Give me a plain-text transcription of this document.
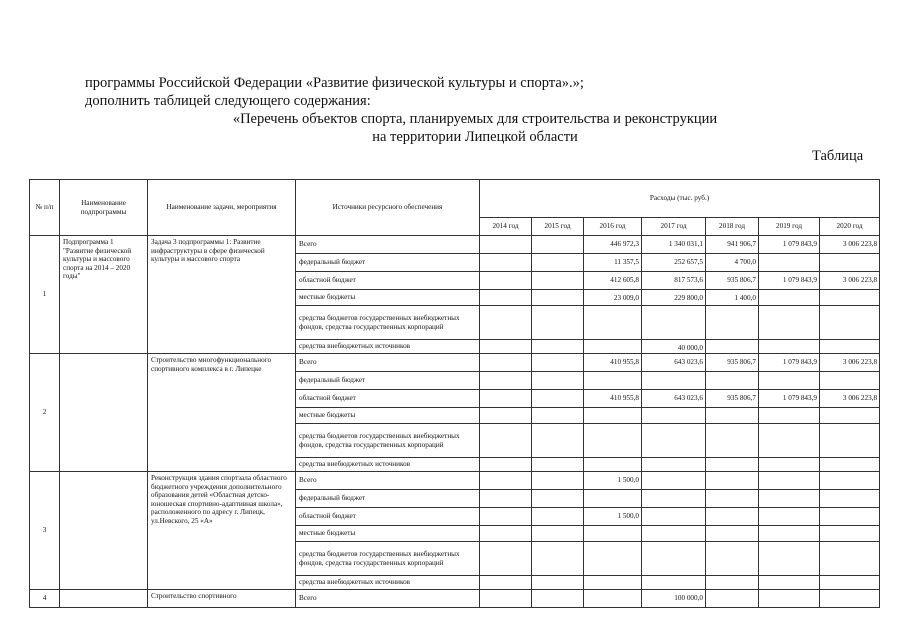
программы Российской Федерации «Развитие физической культуры и спорта».»;
дополнить таблицей следующего содержания:
«Перечень объектов спорта, планируемых для строительства и реконструкции
на территории Липецкой области
Таблица
№ п/п	Наименование подпрограммы	Наименование задачи, мероприятия	Источники ресурсного обеспечения	Расходы (тыс. руб.)						
				2014 год	2015 год	2016 год	2017 год	2018 год	2019 год	2020 год
1	Подпрограмма 1 "Развитие физической культуры и массового спорта на 2014 – 2020 годы"	Задача 3 подпрограммы 1: Развитие инфраструктуры в сфере физической культуры и массового спорта	Всего			446 972,3	1 340 031,1	941 906,7	1 079 843,9	3 006 223,8
			федеральный бюджет			11 357,5	252 657,5	4 700,0		
			областной бюджет			412 605,8	817 573,6	935 806,7	1 079 843,9	3 006 223,8
			местные бюджеты			23 009,0	229 800,0	1 400,0		
			средства бюджетов государственных внебюджетных фондов, средства государственных корпораций							
			средства внебюджетных источников				40 000,0			
2		Строительство многофункционального спортивного комплекса в г. Липецке	Всего			410 955,8	643 023,6	935 806,7	1 079 843,9	3 006 223,8
			федеральный бюджет							
			областной бюджет			410 955,8	643 023,6	935 806,7	1 079 843,9	3 006 223,8
			местные бюджеты							
			средства бюджетов государственных внебюджетных фондов, средства государственных корпораций							
			средства внебюджетных источников							
3		Реконструкция здания спортзала областного бюджетного учреждения дополнительного образования детей «Областная детско-юношеская спортивно-адаптивная школа», расположенного по адресу г. Липецк, ул.Невского, 25 «А»	Всего			1 500,0				
			федеральный бюджет							
			областной бюджет			1 500,0				
			местные бюджеты							
			средства бюджетов государственных внебюджетных фондов, средства государственных корпораций							
			средства внебюджетных источников							
4		Строительство спортивного	Всего				100 000,0			
